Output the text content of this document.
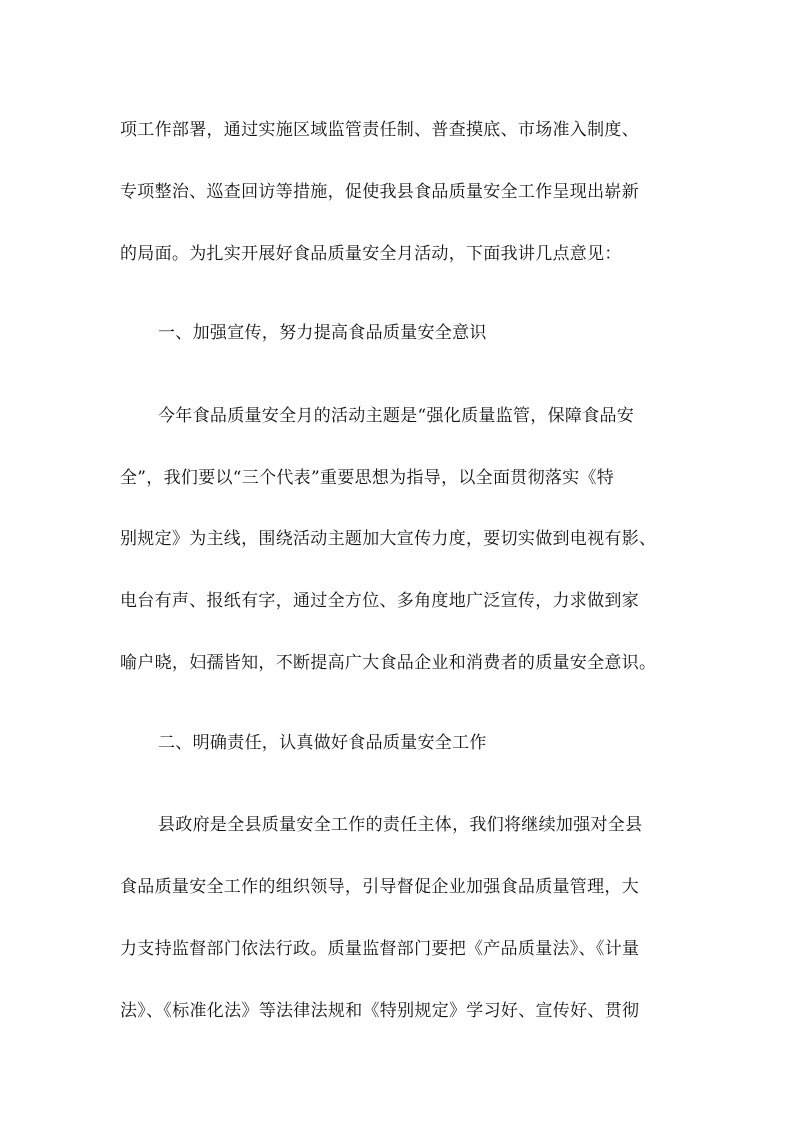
项工作部署，通过实施区域监管责任制、普查摸底、市场准入制度、
专项整治、巡查回访等措施，促使我县食品质量安全工作呈现出崭新
的局面。为扎实开展好食品质量安全月活动，下面我讲几点意见：
一、加强宣传，努力提高食品质量安全意识
今年食品质量安全月的活动主题是“强化质量监管，保障食品安
全”，我们要以“三个代表”重要思想为指导，以全面贯彻落实《特
别规定》为主线，围绕活动主题加大宣传力度，要切实做到电视有影、
电台有声、报纸有字，通过全方位、多角度地广泛宣传，力求做到家
喻户晓，妇孺皆知，不断提高广大食品企业和消费者的质量安全意识。
二、明确责任，认真做好食品质量安全工作
县政府是全县质量安全工作的责任主体，我们将继续加强对全县
食品质量安全工作的组织领导，引导督促企业加强食品质量管理，大
力支持监督部门依法行政。质量监督部门要把《产品质量法》、《计量
法》、《标准化法》等法律法规和《特别规定》学习好、宣传好、贯彻
